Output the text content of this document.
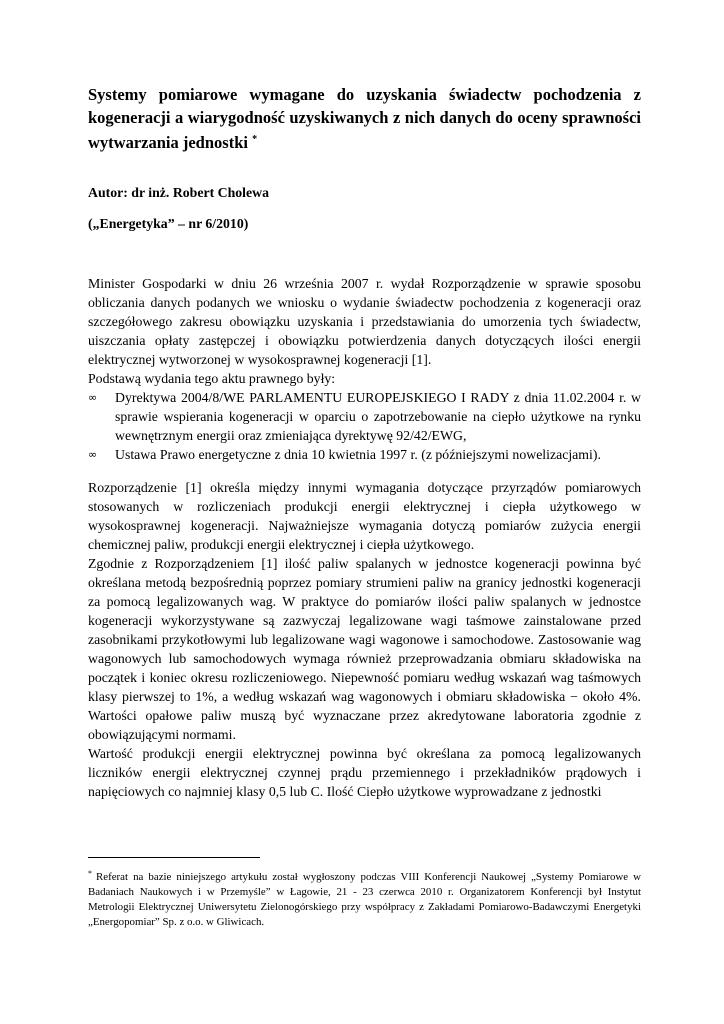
Systemy pomiarowe wymagane do uzyskania świadectw pochodzenia z kogeneracji a wiarygodność uzyskiwanych z nich danych do oceny sprawności wytwarzania jednostki *

Autor: dr inż. Robert Cholewa

(„Energetyka” – nr 6/2010)

Minister Gospodarki w dniu 26 września 2007 r. wydał Rozporządzenie w sprawie sposobu obliczania danych podanych we wniosku o wydanie świadectw pochodzenia z kogeneracji oraz szczegółowego zakresu obowiązku uzyskania i przedstawiania do umorzenia tych świadectw, uiszczania opłaty zastępczej i obowiązku potwierdzenia danych dotyczących ilości energii elektrycznej wytworzonej w wysokosprawnej kogeneracji [1].

Podstawą wydania tego aktu prawnego były:

∞ Dyrektywa 2004/8/WE PARLAMENTU EUROPEJSKIEGO I RADY z dnia 11.02.2004 r. w sprawie wspierania kogeneracji w oparciu o zapotrzebowanie na ciepło użytkowe na rynku wewnętrznym energii oraz zmieniająca dyrektywę 92/42/EWG,
∞ Ustawa Prawo energetyczne z dnia 10 kwietnia 1997 r. (z późniejszymi nowelizacjami).

Rozporządzenie [1] określa między innymi wymagania dotyczące przyrządów pomiarowych stosowanych w rozliczeniach produkcji energii elektrycznej i ciepła użytkowego w wysokosprawnej kogeneracji. Najważniejsze wymagania dotyczą pomiarów zużycia energii chemicznej paliw, produkcji energii elektrycznej i ciepła użytkowego.

Zgodnie z Rozporządzeniem [1] ilość paliw spalanych w jednostce kogeneracji powinna być określana metodą bezpośrednią poprzez pomiary strumieni paliw na granicy jednostki kogeneracji za pomocą legalizowanych wag. W praktyce do pomiarów ilości paliw spalanych w jednostce kogeneracji wykorzystywane są zazwyczaj legalizowane wagi taśmowe zainstalowane przed zasobnikami przykotłowymi lub legalizowane wagi wagonowe i samochodowe. Zastosowanie wag wagonowych lub samochodowych wymaga również przeprowadzania obmiaru składowiska na początek i koniec okresu rozliczeniowego. Niepewność pomiaru według wskazań wag taśmowych klasy pierwszej to 1%, a według wskazań wag wagonowych i obmiaru składowiska − około 4%. Wartości opałowe paliw muszą być wyznaczane przez akredytowane laboratoria zgodnie z obowiązującymi normami.

Wartość produkcji energii elektrycznej powinna być określana za pomocą legalizowanych liczników energii elektrycznej czynnej prądu przemiennego i przekładników prądowych i napięciowych co najmniej klasy 0,5 lub C. Ilość Ciepło użytkowe wyprowadzane z jednostki

* Referat na bazie niniejszego artykułu został wygłoszony podczas VIII Konferencji Naukowej „Systemy Pomiarowe w Badaniach Naukowych i w Przemyśle” w Łagowie, 21 - 23 czerwca 2010 r. Organizatorem Konferencji był Instytut Metrologii Elektrycznej Uniwersytetu Zielonogórskiego przy współpracy z Zakładami Pomiarowo-Badawczymi Energetyki „Energopomiar” Sp. z o.o. w Gliwicach.
